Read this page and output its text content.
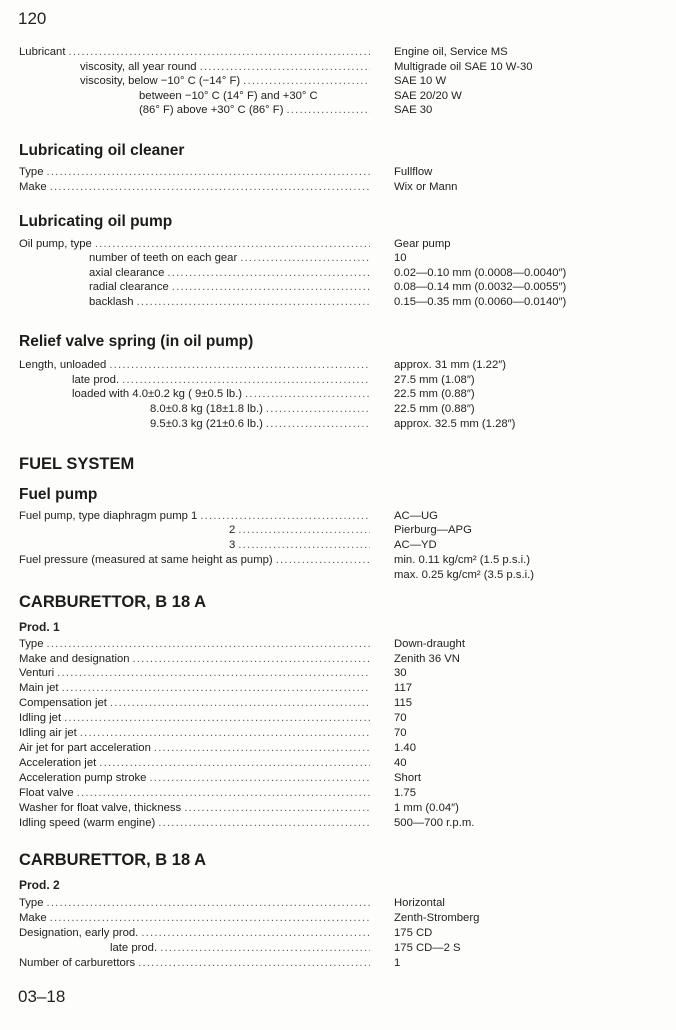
120
Lubricant .....	Engine oil, Service MS
viscosity, all year round .....	Multigrade oil SAE 10 W-30
viscosity, below −10° C (−14° F) .....	SAE 10 W
between −10° C (14° F) and +30° C	SAE 20/20 W
(86° F) above +30° C (86° F) .....	SAE 30
Lubricating oil cleaner
Type .....	Fullflow
Make .....	Wix or Mann
Lubricating oil pump
Oil pump, type .....	Gear pump
number of teeth on each gear .....	10
axial clearance .....	0.02—0.10 mm (0.0008—0.0040″)
radial clearance .....	0.08—0.14 mm (0.0032—0.0055″)
backlash .....	0.15—0.35 mm (0.0060—0.0140″)
Relief valve spring (in oil pump)
Length, unloaded .....	approx. 31 mm (1.22″)
late prod. .....	27.5 mm (1.08″)
loaded with 4.0±0.2 kg ( 9±0.5 lb.) .....	22.5 mm (0.88″)
8.0±0.8 kg (18±1.8 lb.) .....	22.5 mm (0.88″)
9.5±0.3 kg (21±0.6 lb.) .....	approx. 32.5 mm (1.28″)
FUEL SYSTEM
Fuel pump
Fuel pump, type diaphragm pump 1 .....	AC—UG
2 .....	Pierburg—APG
3 .....	AC—YD
Fuel pressure (measured at same height as pump) .....	min. 0.11 kg/cm² (1.5 p.s.i.)
max. 0.25 kg/cm² (3.5 p.s.i.)
CARBURETTOR, B 18 A
Prod. 1
Type .....	Down-draught
Make and designation .....	Zenith 36 VN
Venturi .....	30
Main jet .....	117
Compensation jet .....	115
Idling jet .....	70
Idling air jet .....	70
Air jet for part acceleration .....	1.40
Acceleration jet .....	40
Acceleration pump stroke .....	Short
Float valve .....	1.75
Washer for float valve, thickness .....	1 mm (0.04″)
Idling speed (warm engine) .....	500—700 r.p.m.
CARBURETTOR, B 18 A
Prod. 2
Type .....	Horizontal
Make .....	Zenth-Stromberg
Designation, early prod. .....	175 CD
late prod. .....	175 CD—2 S
Number of carburettors .....	1
03–18
